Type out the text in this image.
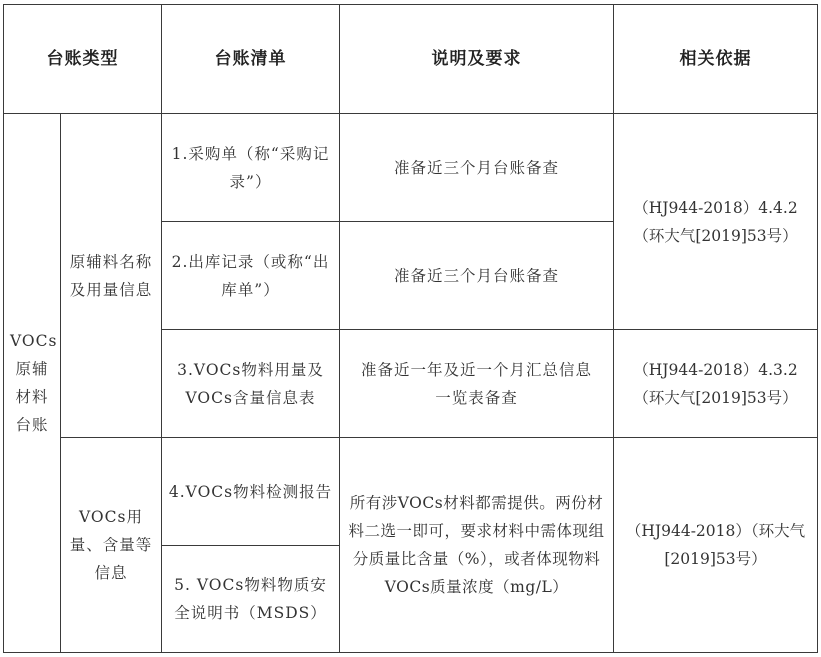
台账类型		台账清单	说明及要求	相关依据
VOCs原辅材料台账	原辅料名称及用量信息	1.采购单（称“采购记录”）	准备近三个月台账备查	（HJ944-2018）4.4.2（环大气[2019]53号）
		2.出库记录（或称“出库单”）	准备近三个月台账备查	
		3.VOCs物料用量及VOCs含量信息表	准备近一年及近一个月汇总信息一览表备查	（HJ944-2018）4.3.2（环大气[2019]53号）
	VOCs用量、含量等信息	4.VOCs物料检测报告	所有涉VOCs材料都需提供。两份材料二选一即可，要求材料中需体现组分质量比含量（%），或者体现物料VOCs质量浓度（mg/L）	（HJ944-2018）（环大气[2019]53号）
		5. VOCs物料物质安全说明书（MSDS）		
